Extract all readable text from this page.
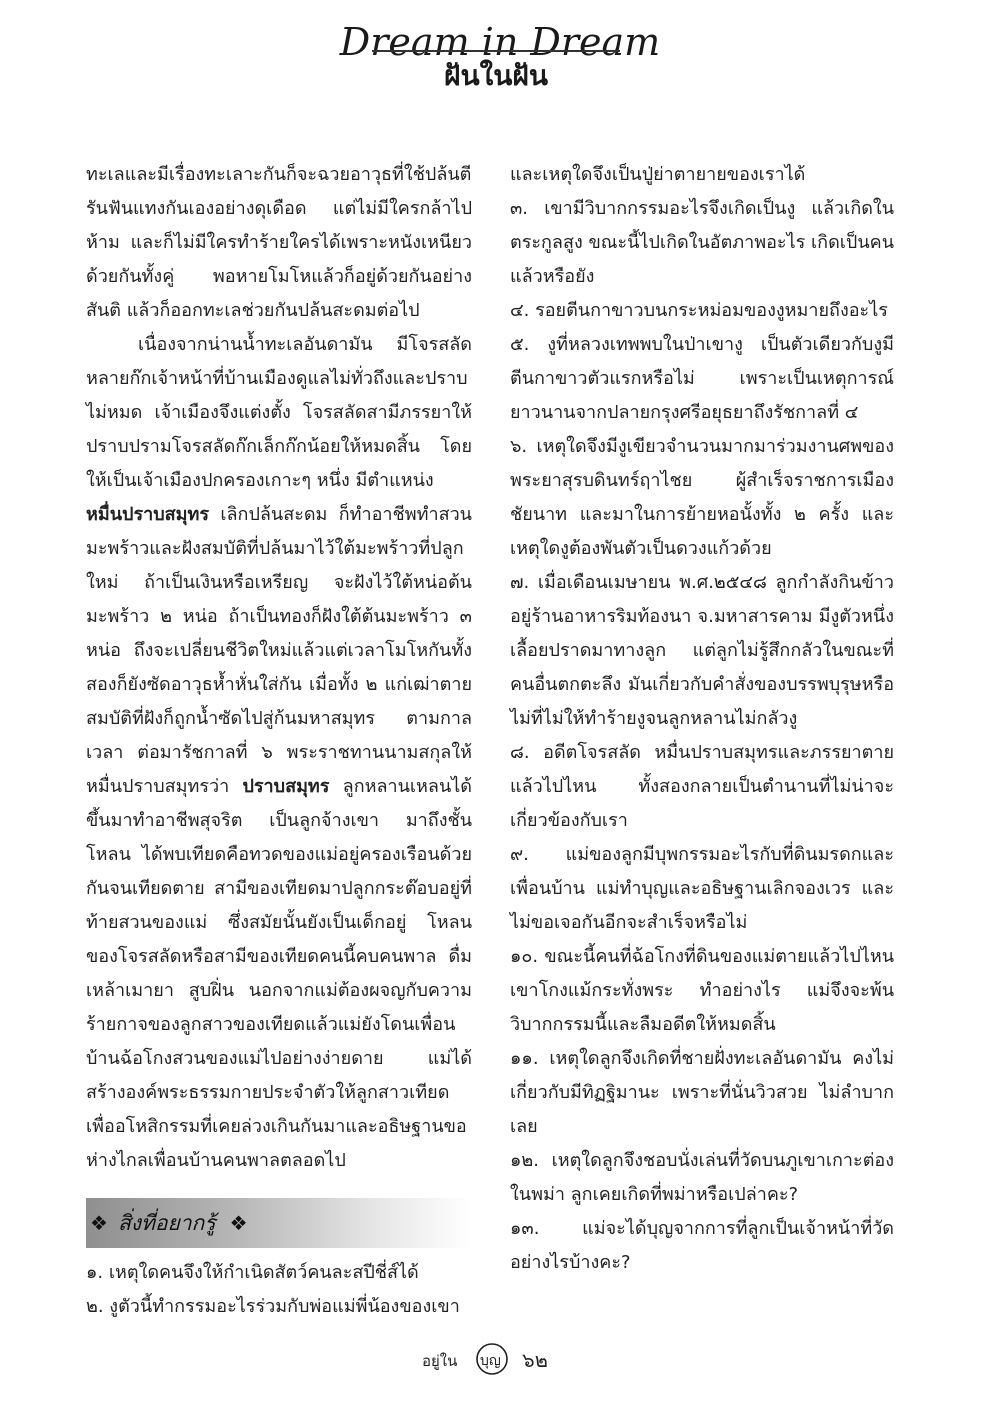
Dream in Dream
ฝันในฝัน

ทะเลและมีเรื่องทะเลาะกันก็จะฉวยอาวุธที่ใช้ปล้นตีรันฟันแทงกันเองอย่างดุเดือด แต่ไม่มีใครกล้าไปห้าม และก็ไม่มีใครทำร้ายใครได้เพราะหนังเหนียวด้วยกันทั้งคู่ พอหายโมโหแล้วก็อยู่ด้วยกันอย่างสันติ แล้วก็ออกทะเลช่วยกันปล้นสะดมต่อไป

เนื่องจากน่านน้ำทะเลอันดามัน มีโจรสลัดหลายก๊กเจ้าหน้าที่บ้านเมืองดูแลไม่ทั่วถึงและปราบไม่หมด เจ้าเมืองจึงแต่งตั้ง โจรสลัดสามีภรรยาให้ปราบปรามโจรสลัดก๊กเล็กก๊กน้อยให้หมดสิ้น โดยให้เป็นเจ้าเมืองปกครองเกาะๆ หนึ่ง มีตำแหน่ง

หมื่นปราบสมุทร เลิกปล้นสะดม ก็ทำอาชีพทำสวนมะพร้าวและฝังสมบัติที่ปล้นมาไว้ใต้มะพร้าวที่ปลูกใหม่ ถ้าเป็นเงินหรือเหรียญ จะฝังไว้ใต้หน่อต้นมะพร้าว ๒ หน่อ ถ้าเป็นทองก็ฝังใต้ต้นมะพร้าว ๓ หน่อ ถึงจะเปลี่ยนชีวิตใหม่แล้วแต่เวลาโมโหกันทั้งสองก็ยังซัดอาวุธห้ำหั่นใส่กัน เมื่อทั้ง ๒ แก่เฒ่าตาย สมบัติที่ฝังก็ถูกน้ำซัดไปสู่ก้นมหาสมุทร ตามกาลเวลา ต่อมารัชกาลที่ ๖ พระราชทานนามสกุลให้หมื่นปราบสมุทรว่า ปราบสมุทร ลูกหลานเหลนได้ขึ้นมาทำอาชีพสุจริต เป็นลูกจ้างเขา มาถึงชั้นโหลน ได้พบเทียดคือทวดของแม่อยู่ครองเรือนด้วยกันจนเทียดตาย สามีของเทียดมาปลูกกระต๊อบอยู่ที่ท้ายสวนของแม่ ซึ่งสมัยนั้นยังเป็นเด็กอยู่ โหลนของโจรสลัดหรือสามีของเทียดคนนี้คบคนพาล ดื่มเหล้าเมายา สูบฝิ่น นอกจากแม่ต้องผจญกับความร้ายกาจของลูกสาวของเทียดแล้วแม่ยังโดนเพื่อนบ้านฉ้อโกงสวนของแม่ไปอย่างง่ายดาย แม่ได้สร้างองค์พระธรรมกายประจำตัวให้ลูกสาวเทียด เพื่ออโหสิกรรมที่เคยล่วงเกินกันมาและอธิษฐานขอห่างไกลเพื่อนบ้านคนพาลตลอดไป

❖ สิ่งที่อยากรู้ ❖

๑. เหตุใดคนจึงให้กำเนิดสัตว์คนละสปีชี่ส์ได้

๒. งูตัวนี้ทำกรรมอะไรร่วมกับพ่อแม่พี่น้องของเขา

และเหตุใดจึงเป็นปู่ย่าตายายของเราได้

๓. เขามีวิบากกรรมอะไรจึงเกิดเป็นงู แล้วเกิดในตระกูลสูง ขณะนี้ไปเกิดในอัตภาพอะไร เกิดเป็นคนแล้วหรือยัง

๔. รอยตีนกาขาวบนกระหม่อมของงูหมายถึงอะไร

๕. งูที่หลวงเทพพบในป่าเขางู เป็นตัวเดียวกับงูมีตีนกาขาวตัวแรกหรือไม่ เพราะเป็นเหตุการณ์ยาวนานจากปลายกรุงศรีอยุธยาถึงรัชกาลที่ ๔

๖. เหตุใดจึงมีงูเขียวจำนวนมากมาร่วมงานศพของพระยาสุรบดินทร์ฤาไชย ผู้สำเร็จราชการเมืองชัยนาท และมาในการย้ายหอนั้งทั้ง ๒ ครั้ง และเหตุใดงูต้องพันตัวเป็นดวงแก้วด้วย

๗. เมื่อเดือนเมษายน พ.ศ.๒๕๔๘ ลูกกำลังกินข้าวอยู่ร้านอาหารริมท้องนา จ.มหาสารคาม มีงูตัวหนึ่งเลื้อยปราดมาทางลูก แต่ลูกไม่รู้สึกกลัวในขณะที่คนอื่นตกตะลึง มันเกี่ยวกับคำสั่งของบรรพบุรุษหรือไม่ที่ไม่ให้ทำร้ายงูจนลูกหลานไม่กลัวงู

๘. อดีตโจรสลัด หมื่นปราบสมุทรและภรรยาตายแล้วไปไหน ทั้งสองกลายเป็นตำนานที่ไม่น่าจะเกี่ยวข้องกับเรา

๙. แม่ของลูกมีบุพกรรมอะไรกับที่ดินมรดกและเพื่อนบ้าน แม่ทำบุญและอธิษฐานเลิกจองเวร และไม่ขอเจอกันอีกจะสำเร็จหรือไม่

๑๐. ขณะนี้คนที่ฉ้อโกงที่ดินของแม่ตายแล้วไปไหน เขาโกงแม้กระทั่งพระ ทำอย่างไร แม่จึงจะพ้นวิบากกรรมนี้และลืมอดีตให้หมดสิ้น

๑๑. เหตุใดลูกจึงเกิดที่ชายฝั่งทะเลอันดามัน คงไม่เกี่ยวกับมีทิฏฐิมานะ เพราะที่นั่นวิวสวย ไม่ลำบากเลย

๑๒. เหตุใดลูกจึงชอบนั่งเล่นที่วัดบนภูเขาเกาะต่องในพม่า ลูกเคยเกิดที่พม่าหรือเปล่าคะ?

๑๓. แม่จะได้บุญจากการที่ลูกเป็นเจ้าหน้าที่วัดอย่างไรบ้างคะ?

อยู่ใน บุญ ๖๒
